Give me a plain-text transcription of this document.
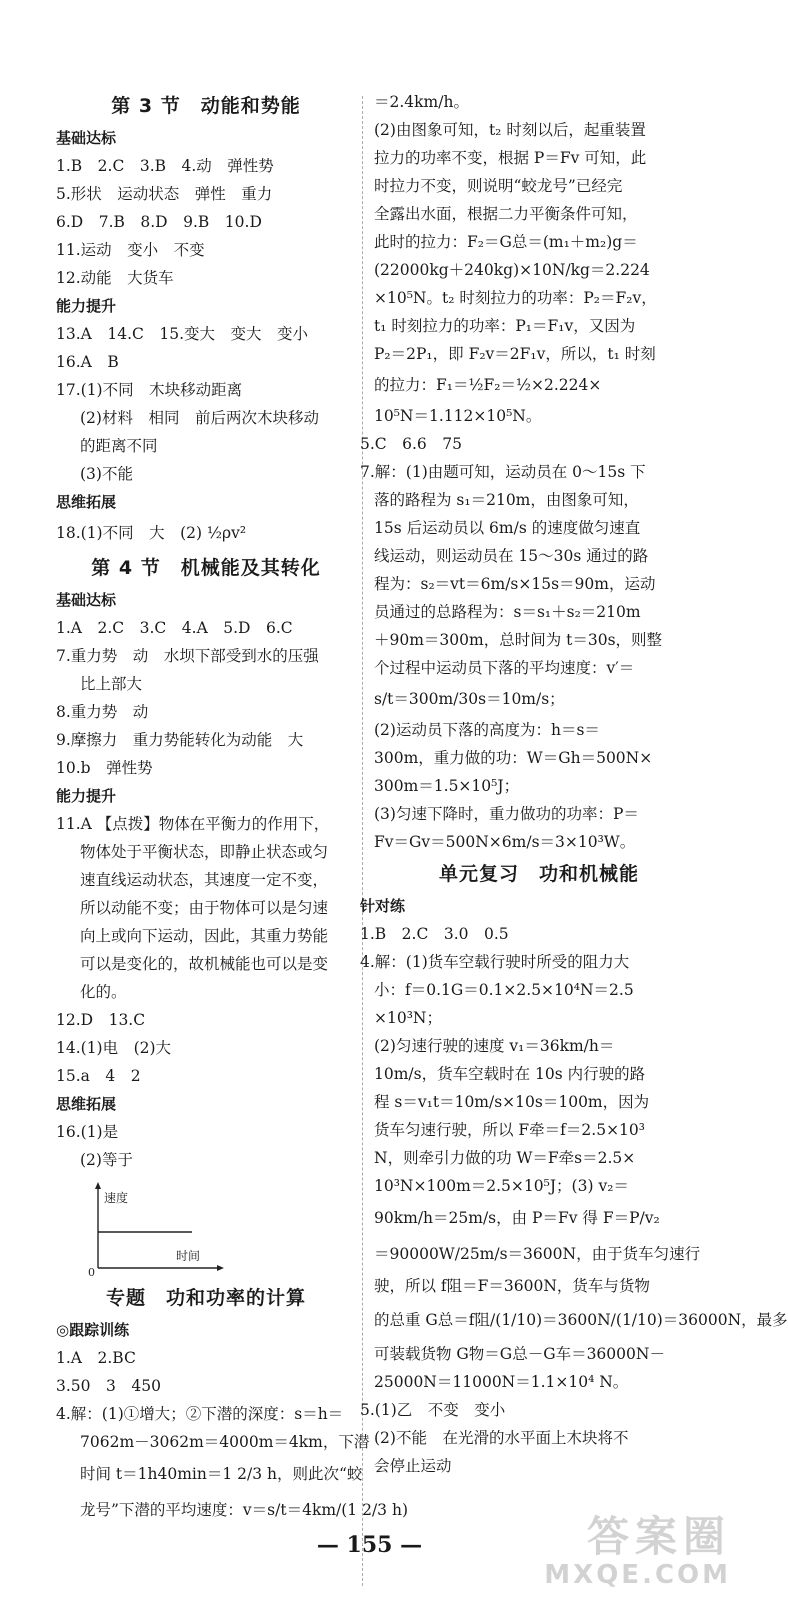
第 3 节　动能和势能
基础达标
1.B　2.C　3.B　4.动　弹性势
5.形状　运动状态　弹性　重力
6.D　7.B　8.D　9.B　10.D
11.运动　变小　不变
12.动能　大货车
能力提升
13.A　14.C　15.变大　变大　变小
16.A　B
17.(1)不同　木块移动距离
(2)材料　相同　前后两次木块移动
的距离不同
(3)不能
思维拓展
18.(1)不同　大　(2) ½ρv²
第 4 节　机械能及其转化
基础达标
1.A　2.C　3.C　4.A　5.D　6.C
7.重力势　动　水坝下部受到水的压强
比上部大
8.重力势　动
9.摩擦力　重力势能转化为动能　大
10.b　弹性势
能力提升
11.A 【点拨】物体在平衡力的作用下，
物体处于平衡状态，即静止状态或匀
速直线运动状态，其速度一定不变，
所以动能不变；由于物体可以是匀速
向上或向下运动，因此，其重力势能
可以是变化的，故机械能也可以是变
化的。
12.D　13.C
14.(1)电　(2)大
15.a　4　2
思维拓展
16.(1)是
(2)等于
速度
时间
0
专题　功和功率的计算
◎跟踪训练
1.A　2.BC
3.50　3　450
4.解：(1)①增大；②下潜的深度：s＝h＝
7062m－3062m＝4000m＝4km，下潜
时间 t＝1h40min＝1 2/3 h，则此次“蛟
龙号”下潜的平均速度：v＝s/t＝4km/(1 2/3 h)
＝2.4km/h。
(2)由图象可知，t₂ 时刻以后，起重装置
拉力的功率不变，根据 P＝Fv 可知，此
时拉力不变，则说明“蛟龙号”已经完
全露出水面，根据二力平衡条件可知，
此时的拉力：F₂＝G总＝(m₁＋m₂)g＝
(22000kg＋240kg)×10N/kg＝2.224
×10⁵N。t₂ 时刻拉力的功率：P₂＝F₂v，
t₁ 时刻拉力的功率：P₁＝F₁v，又因为
P₂＝2P₁，即 F₂v＝2F₁v，所以，t₁ 时刻
的拉力：F₁＝½F₂＝½×2.224×
10⁵N＝1.112×10⁵N。
5.C　6.6　75
7.解：(1)由题可知，运动员在 0～15s 下
落的路程为 s₁＝210m，由图象可知，
15s 后运动员以 6m/s 的速度做匀速直
线运动，则运动员在 15～30s 通过的路
程为：s₂＝vt＝6m/s×15s＝90m，运动
员通过的总路程为：s＝s₁＋s₂＝210m
＋90m＝300m，总时间为 t＝30s，则整
个过程中运动员下落的平均速度：v′＝
s/t＝300m/30s＝10m/s；
(2)运动员下落的高度为：h＝s＝
300m，重力做的功：W＝Gh＝500N×
300m＝1.5×10⁵J；
(3)匀速下降时，重力做功的功率：P＝
Fv＝Gv＝500N×6m/s＝3×10³W。
单元复习　功和机械能
针对练
1.B　2.C　3.0　0.5
4.解：(1)货车空载行驶时所受的阻力大
小：f＝0.1G＝0.1×2.5×10⁴N＝2.5
×10³N；
(2)匀速行驶的速度 v₁＝36km/h＝
10m/s，货车空载时在 10s 内行驶的路
程 s＝v₁t＝10m/s×10s＝100m，因为
货车匀速行驶，所以 F牵＝f＝2.5×10³
N，则牵引力做的功 W＝F牵s＝2.5×
10³N×100m＝2.5×10⁵J；(3) v₂＝
90km/h＝25m/s，由 P＝Fv 得 F＝P/v₂
＝90000W/25m/s＝3600N，由于货车匀速行
驶，所以 f阻＝F＝3600N，货车与货物
的总重 G总＝f阻/(1/10)＝3600N/(1/10)＝36000N，最多
可装载货物 G物＝G总－G车＝36000N－
25000N＝11000N＝1.1×10⁴ N。
5.(1)乙　不变　变小
(2)不能　在光滑的水平面上木块将不
会停止运动
— 155 —	答案圈
MXQE.COM
